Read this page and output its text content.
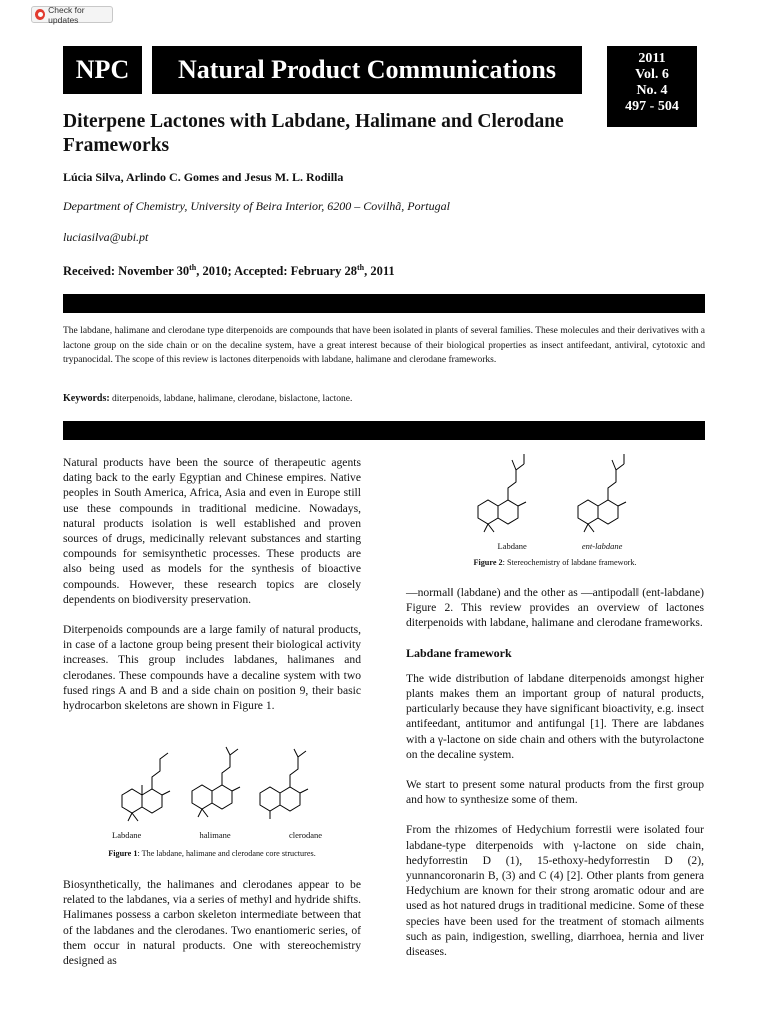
Check for updates
NPC	Natural Product Communications	2011
Vol. 6
No. 4
497 - 504
Diterpene Lactones with Labdane, Halimane and Clerodane Frameworks
Lúcia Silva, Arlindo C. Gomes and Jesus M. L. Rodilla
Department of Chemistry, University of Beira Interior, 6200 – Covilhã, Portugal
luciasilva@ubi.pt
Received: November 30th, 2010; Accepted: February 28th, 2011
The labdane, halimane and clerodane type diterpenoids are compounds that have been isolated in plants of several families. These molecules and their derivatives with a lactone group on the side chain or on the decaline system, have a great interest because of their biological properties as insect antifeedant, antiviral, cytotoxic and trypanocidal. The scope of this review is lactones diterpenoids with labdane, halimane and clerodane frameworks.
Keywords: diterpenoids, labdane, halimane, clerodane, bislactone, lactone.

Natural products have been the source of therapeutic agents dating back to the early Egyptian and Chinese empires. Native peoples in South America, Africa, Asia and even in Europe still use these compounds in traditional medicine. Nowadays, natural products isolation is well established and proven sources of drugs, medicinally relevant substances and starting compounds for semisynthetic processes. These products are also being used as models for the synthesis of bioactive compounds. However, these research topics are closely dependents on biodiversity preservation.

Diterpenoids compounds are a large family of natural products, in case of a lactone group being present their biological activity increases. This group includes labdanes, halimanes and clerodanes. These compounds have a decaline system with two fused rings A and B and a side chain on position 9, their basic hydrocarbon skeletons are shown in Figure 1.

Labdane	halimane	clerodane
Figure 1: The labdane, halimane and clerodane core structures.

Biosynthetically, the halimanes and clerodanes appear to be related to the labdanes, via a series of methyl and hydride shifts. Halimanes possess a carbon skeleton intermediate between that of the labdanes and the clerodanes. Two enantiomeric series, of them occur in natural products. One with stereochemistry designed as

Labdane	ent-labdane
Figure 2: Stereochemistry of labdane framework.

―normal‖ (labdane) and the other as ―antipodal‖ (ent-labdane) Figure 2. This review provides an overview of lactones diterpenoids with labdane, halimane and clerodane frameworks.

Labdane framework

The wide distribution of labdane diterpenoids amongst higher plants makes them an important group of natural products, particularly because they have significant bioactivity, e.g. insect antifeedant, antitumor and antifungal [1]. There are labdanes with a γ-lactone on side chain and others with the butyrolactone on the decaline system.

We start to present some natural products from the first group and how to synthesize some of them.

From the rhizomes of Hedychium forrestii were isolated four labdane-type diterpenoids with γ-lactone on side chain, hedyforrestin D (1), 15-ethoxy-hedyforrestin D (2), yunnancoronarin B, (3) and C (4) [2]. Other plants from genera Hedychium are known for their strong aromatic odour and are used as hot natured drugs in traditional medicine. Some of these species have been used for the treatment of stomach ailments such as pain, indigestion, swelling, diarrhoea, hernia and liver diseases.
